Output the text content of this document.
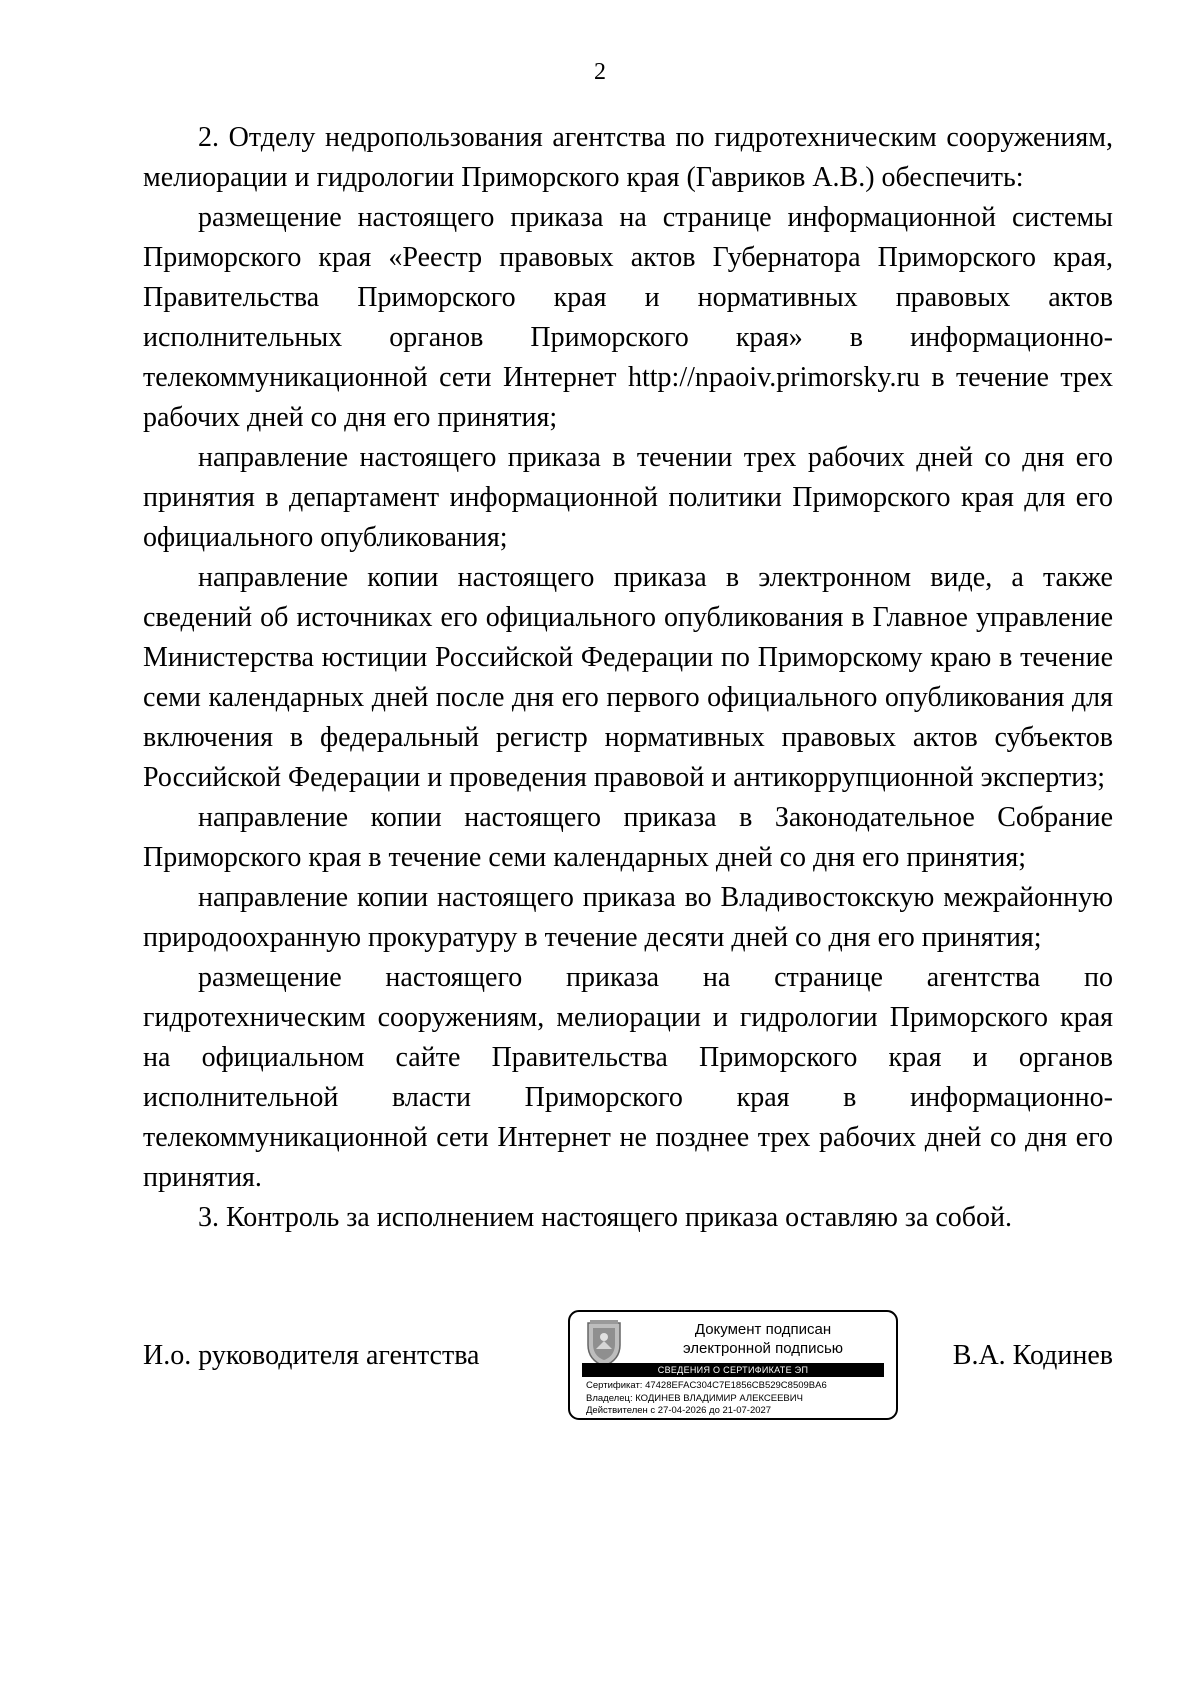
2

2. Отделу недропользования агентства по гидротехническим сооружениям, мелиорации и гидрологии Приморского края (Гавриков А.В.) обеспечить:

размещение настоящего приказа на странице информационной системы Приморского края «Реестр правовых актов Губернатора Приморского края, Правительства Приморского края и нормативных правовых актов исполнительных органов Приморского края» в информационно-телекоммуникационной сети Интернет http://npaoiv.primorsky.ru в течение трех рабочих дней со дня его принятия;

направление настоящего приказа в течении трех рабочих дней со дня его принятия в департамент информационной политики Приморского края для его официального опубликования;

направление копии настоящего приказа в электронном виде, а также сведений об источниках его официального опубликования в Главное управление Министерства юстиции Российской Федерации по Приморскому краю в течение семи календарных дней после дня его первого официального опубликования для включения в федеральный регистр нормативных правовых актов субъектов Российской Федерации и проведения правовой и антикоррупционной экспертиз;

направление копии настоящего приказа в Законодательное Собрание Приморского края в течение семи календарных дней со дня его принятия;

направление копии настоящего приказа во Владивостокскую межрайонную природоохранную прокуратуру в течение десяти дней со дня его принятия;

размещение настоящего приказа на странице агентства по гидротехническим сооружениям, мелиорации и гидрологии Приморского края на официальном сайте Правительства Приморского края и органов исполнительной власти Приморского края в информационно-телекоммуникационной сети Интернет не позднее трех рабочих дней со дня его принятия.

3. Контроль за исполнением настоящего приказа оставляю за собой.

И.о. руководителя агентства
Документ подписан
электронной подписью
СВЕДЕНИЯ О СЕРТИФИКАТЕ ЭП
Сертификат: 47428EFAC304C7E1856CB529C8509BA6
Владелец: КОДИНЕВ ВЛАДИМИР АЛЕКСЕЕВИЧ
Действителен с 27-04-2026 до 21-07-2027
В.А. Кодинев
